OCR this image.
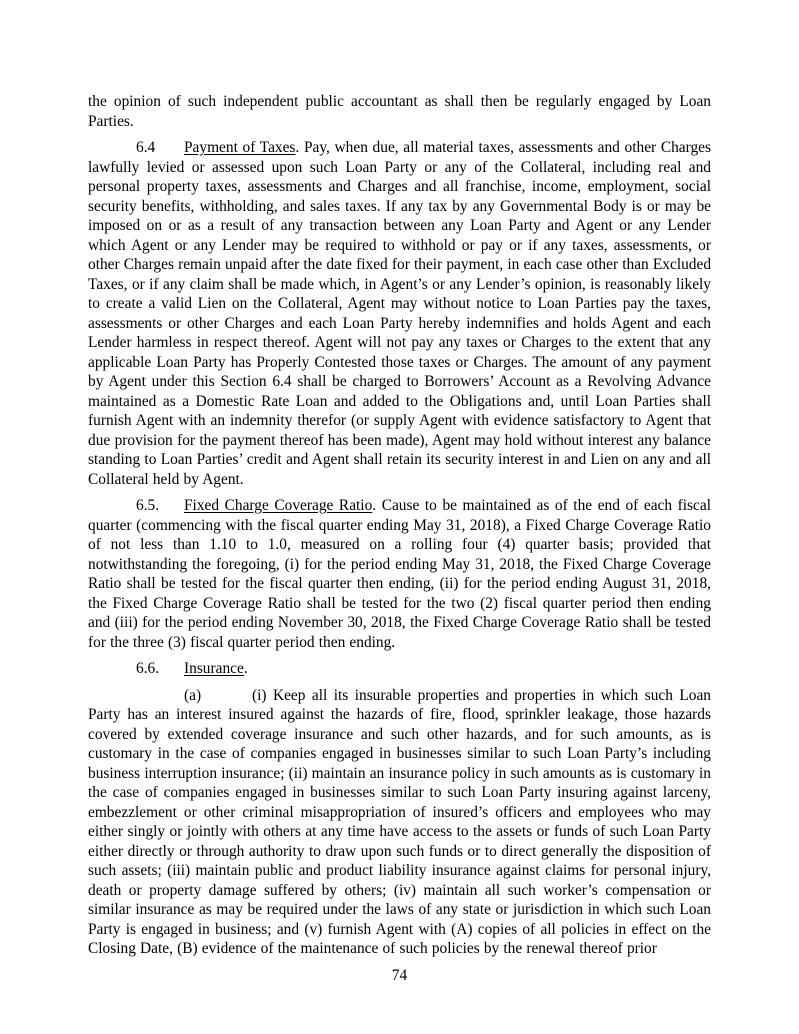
the opinion of such independent public accountant as shall then be regularly engaged by Loan Parties.

6.4 Payment of Taxes. Pay, when due, all material taxes, assessments and other Charges lawfully levied or assessed upon such Loan Party or any of the Collateral, including real and personal property taxes, assessments and Charges and all franchise, income, employment, social security benefits, withholding, and sales taxes. If any tax by any Governmental Body is or may be imposed on or as a result of any transaction between any Loan Party and Agent or any Lender which Agent or any Lender may be required to withhold or pay or if any taxes, assessments, or other Charges remain unpaid after the date fixed for their payment, in each case other than Excluded Taxes, or if any claim shall be made which, in Agent’s or any Lender’s opinion, is reasonably likely to create a valid Lien on the Collateral, Agent may without notice to Loan Parties pay the taxes, assessments or other Charges and each Loan Party hereby indemnifies and holds Agent and each Lender harmless in respect thereof. Agent will not pay any taxes or Charges to the extent that any applicable Loan Party has Properly Contested those taxes or Charges. The amount of any payment by Agent under this Section 6.4 shall be charged to Borrowers’ Account as a Revolving Advance maintained as a Domestic Rate Loan and added to the Obligations and, until Loan Parties shall furnish Agent with an indemnity therefor (or supply Agent with evidence satisfactory to Agent that due provision for the payment thereof has been made), Agent may hold without interest any balance standing to Loan Parties’ credit and Agent shall retain its security interest in and Lien on any and all Collateral held by Agent.

6.5. Fixed Charge Coverage Ratio. Cause to be maintained as of the end of each fiscal quarter (commencing with the fiscal quarter ending May 31, 2018), a Fixed Charge Coverage Ratio of not less than 1.10 to 1.0, measured on a rolling four (4) quarter basis; provided that notwithstanding the foregoing, (i) for the period ending May 31, 2018, the Fixed Charge Coverage Ratio shall be tested for the fiscal quarter then ending, (ii) for the period ending August 31, 2018, the Fixed Charge Coverage Ratio shall be tested for the two (2) fiscal quarter period then ending and (iii) for the period ending November 30, 2018, the Fixed Charge Coverage Ratio shall be tested for the three (3) fiscal quarter period then ending.

6.6. Insurance.

(a)	(i) Keep all its insurable properties and properties in which such Loan Party has an interest insured against the hazards of fire, flood, sprinkler leakage, those hazards covered by extended coverage insurance and such other hazards, and for such amounts, as is customary in the case of companies engaged in businesses similar to such Loan Party’s including business interruption insurance; (ii) maintain an insurance policy in such amounts as is customary in the case of companies engaged in businesses similar to such Loan Party insuring against larceny, embezzlement or other criminal misappropriation of insured’s officers and employees who may either singly or jointly with others at any time have access to the assets or funds of such Loan Party either directly or through authority to draw upon such funds or to direct generally the disposition of such assets; (iii) maintain public and product liability insurance against claims for personal injury, death or property damage suffered by others; (iv) maintain all such worker’s compensation or similar insurance as may be required under the laws of any state or jurisdiction in which such Loan Party is engaged in business; and (v) furnish Agent with (A) copies of all policies in effect on the Closing Date, (B) evidence of the maintenance of such policies by the renewal thereof prior

74
